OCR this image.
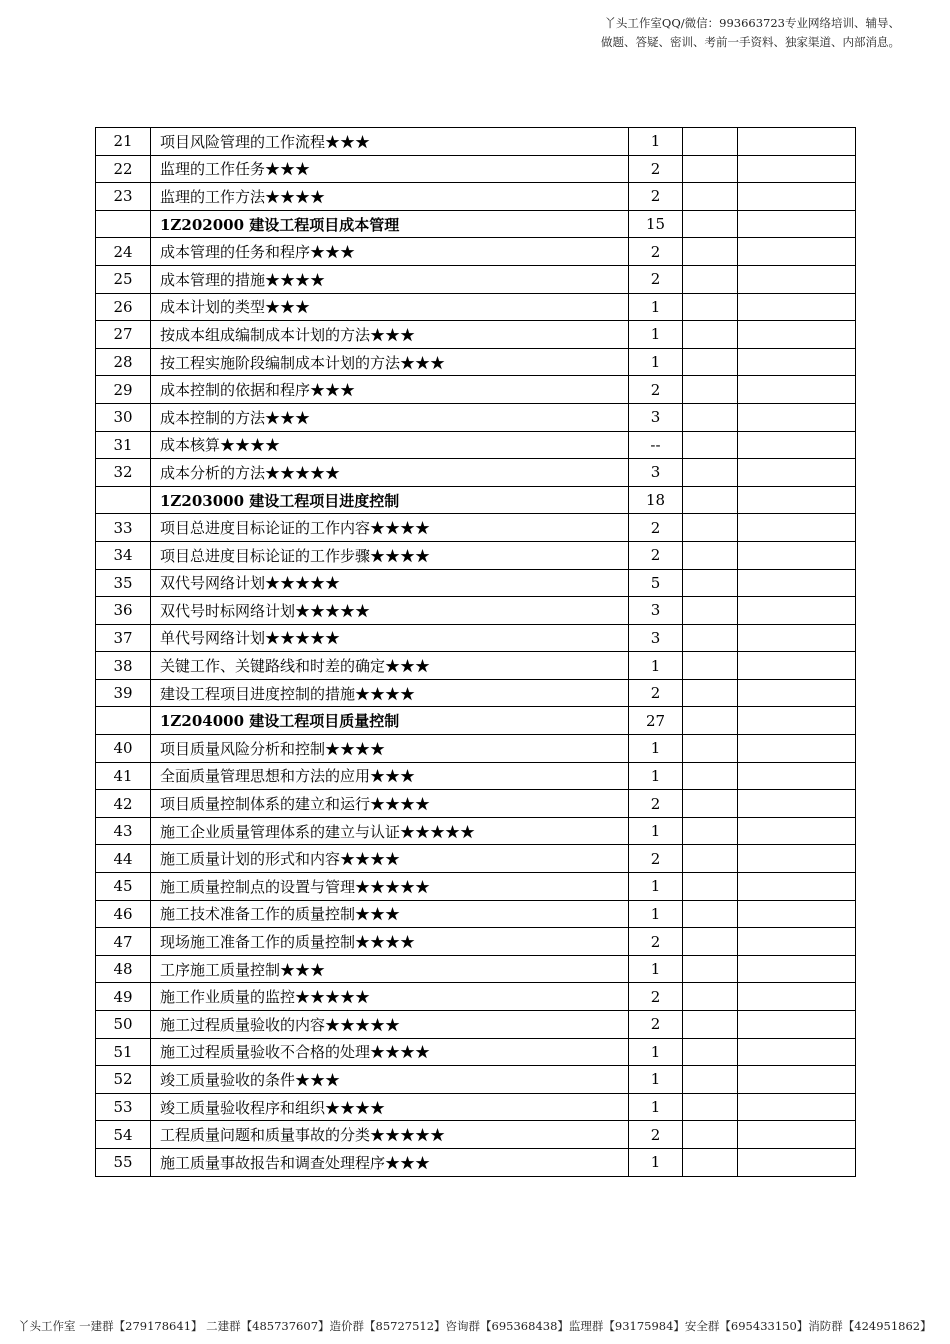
丫头工作室QQ/微信：993663723专业网络培训、辅导、
做题、答疑、密训、考前一手资料、独家渠道、内部消息。
21	项目风险管理的工作流程★★★	1		
22	监理的工作任务★★★	2		
23	监理的工作方法★★★★	2		
	1Z202000 建设工程项目成本管理	15		
24	成本管理的任务和程序★★★	2		
25	成本管理的措施★★★★	2		
26	成本计划的类型★★★	1		
27	按成本组成编制成本计划的方法★★★	1		
28	按工程实施阶段编制成本计划的方法★★★	1		
29	成本控制的依据和程序★★★	2		
30	成本控制的方法★★★	3		
31	成本核算★★★★	--		
32	成本分析的方法★★★★★	3		
	1Z203000 建设工程项目进度控制	18		
33	项目总进度目标论证的工作内容★★★★	2		
34	项目总进度目标论证的工作步骤★★★★	2		
35	双代号网络计划★★★★★	5		
36	双代号时标网络计划★★★★★	3		
37	单代号网络计划★★★★★	3		
38	关键工作、关键路线和时差的确定★★★	1		
39	建设工程项目进度控制的措施★★★★	2		
	1Z204000 建设工程项目质量控制	27		
40	项目质量风险分析和控制★★★★	1		
41	全面质量管理思想和方法的应用★★★	1		
42	项目质量控制体系的建立和运行★★★★	2		
43	施工企业质量管理体系的建立与认证★★★★★	1		
44	施工质量计划的形式和内容★★★★	2		
45	施工质量控制点的设置与管理★★★★★	1		
46	施工技术准备工作的质量控制★★★	1		
47	现场施工准备工作的质量控制★★★★	2		
48	工序施工质量控制★★★	1		
49	施工作业质量的监控★★★★★	2		
50	施工过程质量验收的内容★★★★★	2		
51	施工过程质量验收不合格的处理★★★★	1		
52	竣工质量验收的条件★★★	1		
53	竣工质量验收程序和组织★★★★	1		
54	工程质量问题和质量事故的分类★★★★★	2		
55	施工质量事故报告和调查处理程序★★★	1		
丫头工作室 一建群【279178641】 二建群【485737607】造价群【85727512】咨询群【695368438】监理群【93175984】安全群【695433150】消防群【424951862】
